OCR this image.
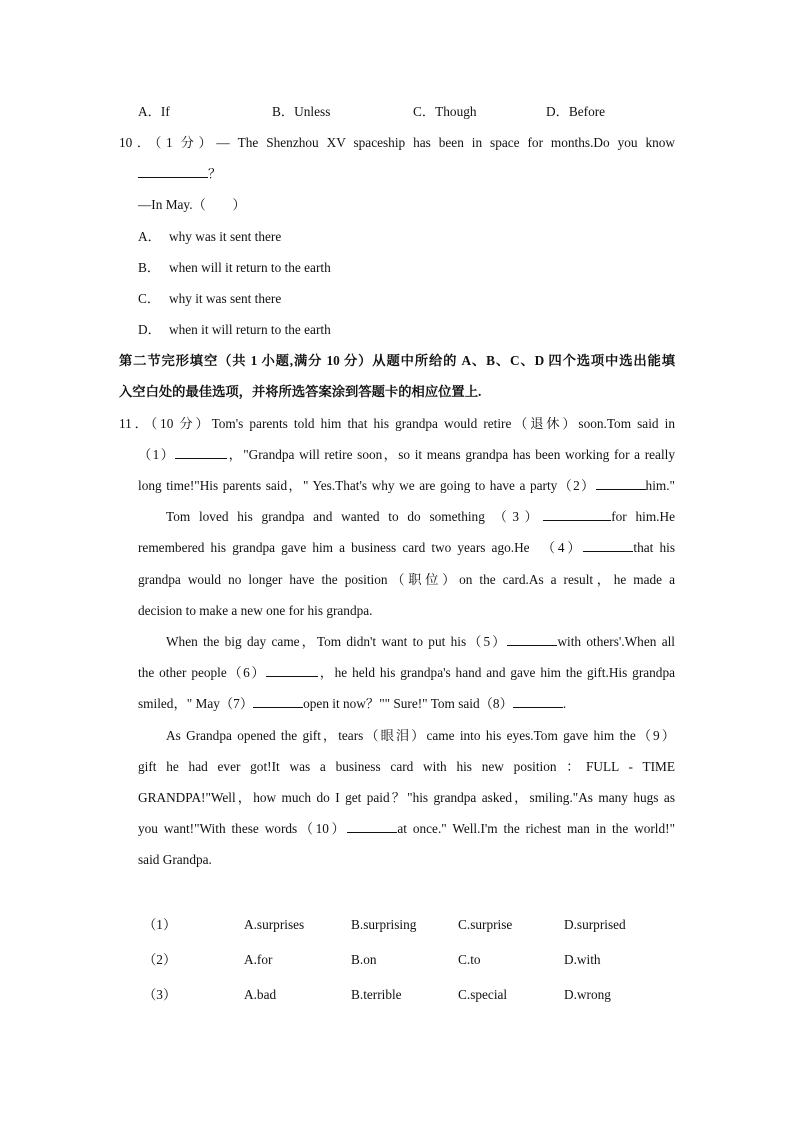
A．If	B．Unless	C．Though	D．Before
10．（1 分）— The Shenzhou XV spaceship has been in space for months.Do you know
？
—In May.（　　）
A． why was it sent there
B． when will it return to the earth
C． why it was sent there
D． when it will return to the earth
第二节完形填空（共 1 小题,满分 10 分）从题中所给的 A、B、C、D 四个选项中选出能填
入空白处的最佳选项，并将所选答案涂到答题卡的相应位置上.
11．（10 分）Tom's parents told him that his grandpa would retire（退休）soon.Tom said in
（1）	，"Grandpa will retire soon，so it means grandpa has been working for a really
long time!"His parents said，" Yes.That's why we are going to have a party（2）	him."
Tom loved his grandpa and wanted to do something （3）	for him.He
remembered his grandpa gave him a business card two years ago.He　（4）	that his
grandpa would no longer have the position（职位）on the card.As a result，he made a
decision to make a new one for his grandpa.
When the big day came，Tom didn't want to put his（5）	with others'.When all
the other people（6）	，he held his grandpa's hand and gave him the gift.His grandpa
smiled，" May（7）	open it now？"" Sure!" Tom said（8）	.
As Grandpa opened the gift，tears（眼泪）came into his eyes.Tom gave him the（9）
gift he had ever got!It was a business card with his new position ：FULL - TIME
GRANDPA!"Well，how much do I get paid？"his grandpa asked，smiling."As many hugs as
you want!"With these words（10）	at once." Well.I'm the richest man in the world!"
said Grandpa.
（1）	A.surprises	B.surprising	C.surprise	D.surprised
（2）	A.for	B.on	C.to	D.with
（3）	A.bad	B.terrible	C.special	D.wrong
